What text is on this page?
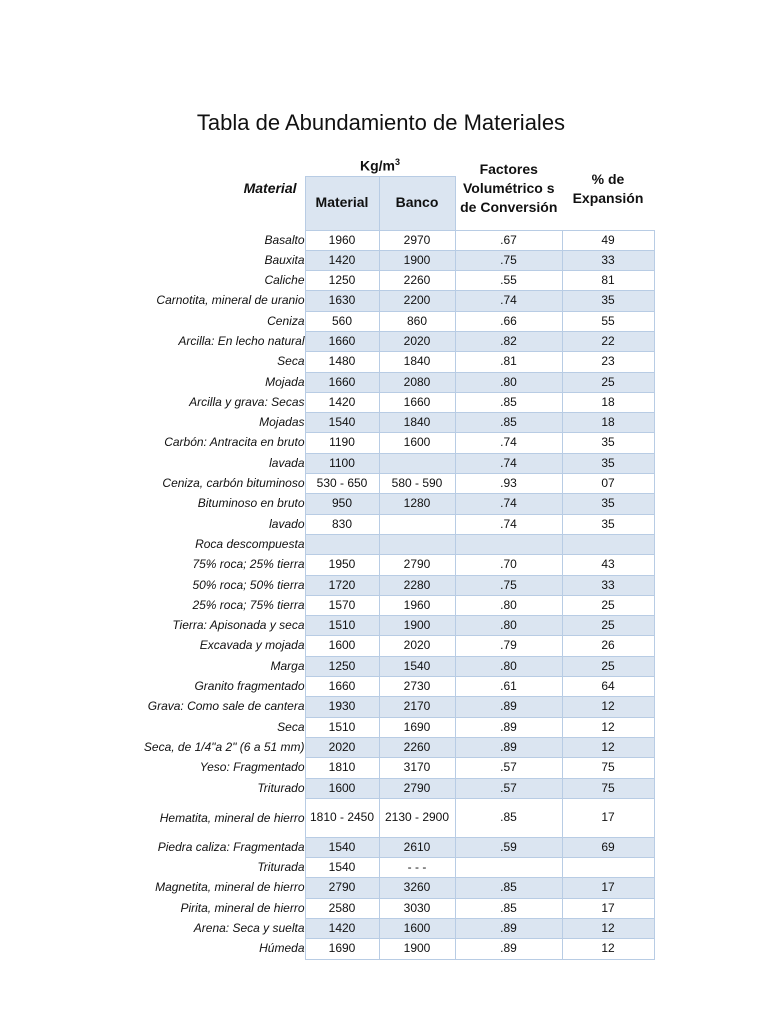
Tabla de Abundamiento de Materiales
Material	$Kg/m^3$		Factores Volumétrico s de Conversión	% de Expansión
	Material	Banco		
Basalto	1960	2970	.67	49
Bauxita	1420	1900	.75	33
Caliche	1250	2260	.55	81
Carnotita, mineral de uranio	1630	2200	.74	35
Ceniza	560	860	.66	55
Arcilla: En lecho natural	1660	2020	.82	22
Seca	1480	1840	.81	23
Mojada	1660	2080	.80	25
Arcilla y grava: Secas	1420	1660	.85	18
Mojadas	1540	1840	.85	18
Carbón: Antracita en bruto	1190	1600	.74	35
lavada	1100		.74	35
Ceniza, carbón bituminoso	530 - 650	580 - 590	.93	07
Bituminoso en bruto	950	1280	.74	35
lavado	830		.74	35
Roca descompuesta				
75% roca; 25% tierra	1950	2790	.70	43
50% roca; 50% tierra	1720	2280	.75	33
25% roca; 75% tierra	1570	1960	.80	25
Tierra: Apisonada y seca	1510	1900	.80	25
Excavada y mojada	1600	2020	.79	26
Marga	1250	1540	.80	25
Granito fragmentado	1660	2730	.61	64
Grava: Como sale de cantera	1930	2170	.89	12
Seca	1510	1690	.89	12
Seca, de 1/4"a 2" (6 a 51 mm)	2020	2260	.89	12
Yeso: Fragmentado	1810	3170	.57	75
Triturado	1600	2790	.57	75
Hematita, mineral de hierro	1810 - 2450	2130 - 2900	.85	17
Piedra caliza: Fragmentada	1540	2610	.59	69
Triturada	1540	- - -		
Magnetita, mineral de hierro	2790	3260	.85	17
Pirita, mineral de hierro	2580	3030	.85	17
Arena: Seca y suelta	1420	1600	.89	12
Húmeda	1690	1900	.89	12
